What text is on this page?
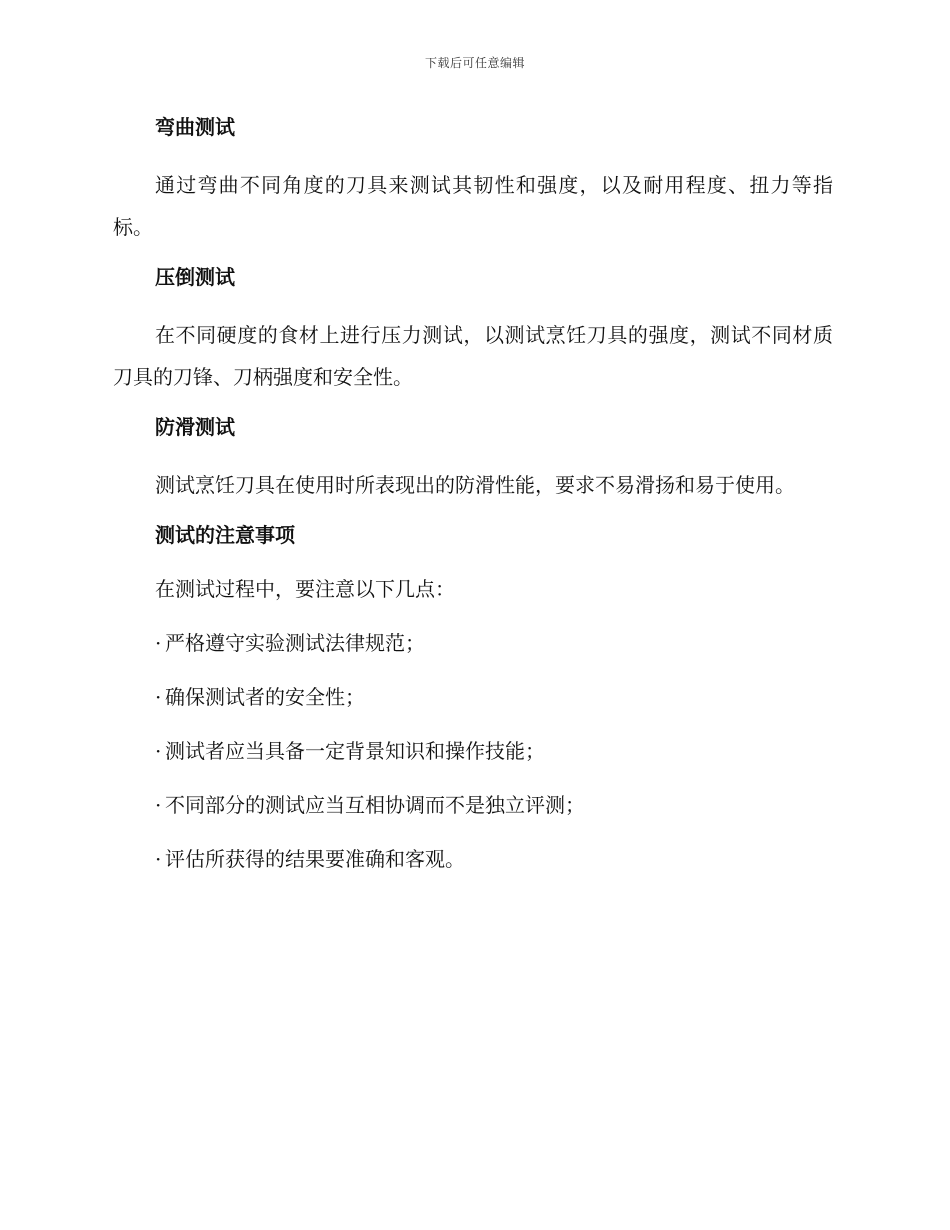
下载后可任意编辑
弯曲测试

通过弯曲不同角度的刀具来测试其韧性和强度，以及耐用程度、扭力等指标。

压倒测试

在不同硬度的食材上进行压力测试，以测试烹饪刀具的强度，测试不同材质刀具的刀锋、刀柄强度和安全性。

防滑测试

测试烹饪刀具在使用时所表现出的防滑性能，要求不易滑扬和易于使用。

测试的注意事项
在测试过程中，要注意以下几点：
· 严格遵守实验测试法律规范；
· 确保测试者的安全性；
· 测试者应当具备一定背景知识和操作技能；
· 不同部分的测试应当互相协调而不是独立评测；
· 评估所获得的结果要准确和客观。
